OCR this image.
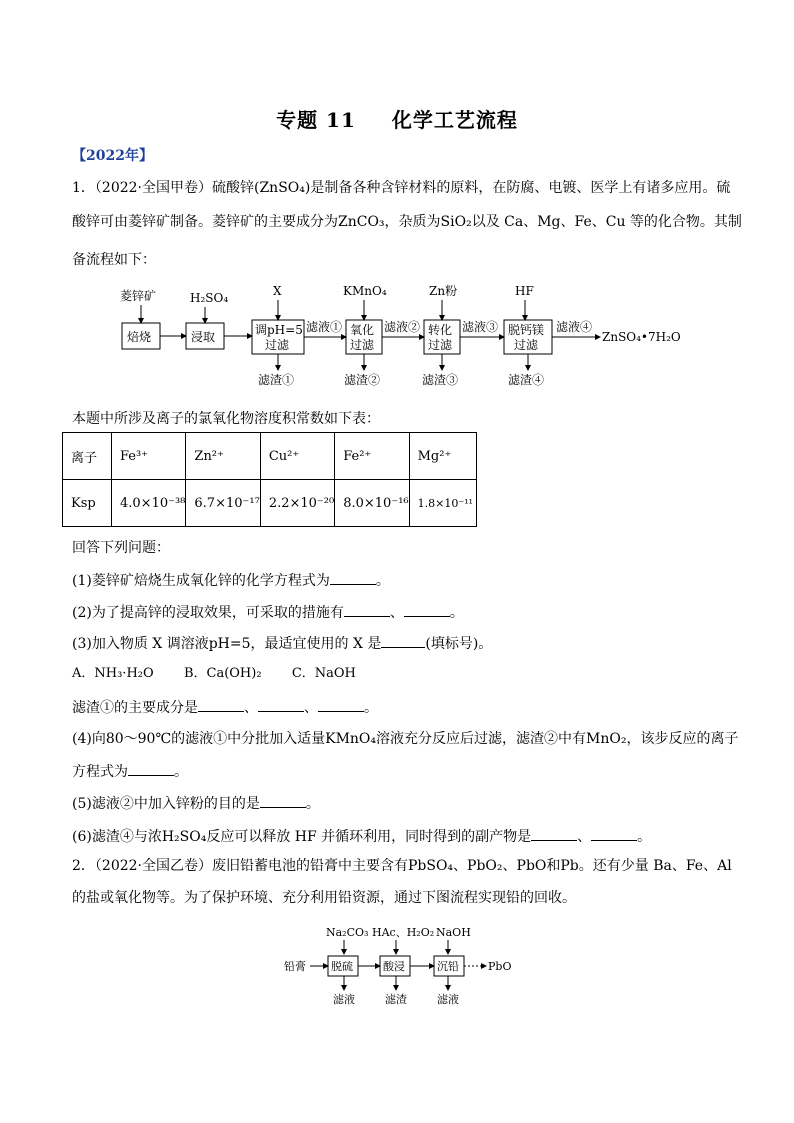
专题 11 化学工艺流程
【2022年】
1．（2022·全国甲卷）硫酸锌(ZnSO₄)是制备各种含锌材料的原料，在防腐、电镀、医学上有诸多应用。硫
酸锌可由菱锌矿制备。菱锌矿的主要成分为ZnCO₃，杂质为SiO₂以及 Ca、Mg、Fe、Cu 等的化合物。其制
备流程如下：
菱锌矿	H₂SO₄	X	KMnO₄	Zn粉	HF
焙烧	浸取	调pH=5
过滤
氧化
过滤
转化
过滤
脱钙镁
过滤
滤液①	滤液②	滤液③	滤液④
ZnSO₄•7H₂O
滤渣①	滤渣②	滤渣③	滤渣④
本题中所涉及离子的氯氧化物溶度积常数如下表：
离子	Fe³⁺	Zn²⁺	Cu²⁺	Fe²⁺	Mg²⁺
Ksp	4.0×10⁻³⁸	6.7×10⁻¹⁷	2.2×10⁻²⁰	8.0×10⁻¹⁶	1.8×10⁻¹¹
回答下列问题：
(1)菱锌矿焙烧生成氧化锌的化学方程式为	。
(2)为了提高锌的浸取效果，可采取的措施有	、	。
(3)加入物质 X 调溶液pH=5，最适宜使用的 X 是	(填标号)。
A．NH₃·H₂O B．Ca(OH)₂ C．NaOH
滤渣①的主要成分是	、	、	。
(4)向80～90℃的滤液①中分批加入适量KMnO₄溶液充分反应后过滤，滤渣②中有MnO₂，该步反应的离子
方程式为	。
(5)滤液②中加入锌粉的目的是	。
(6)滤渣④与浓H₂SO₄反应可以释放 HF 并循环利用，同时得到的副产物是	、	。
2．（2022·全国乙卷）废旧铅蓄电池的铅膏中主要含有PbSO₄、PbO₂、PbO和Pb。还有少量 Ba、Fe、Al
的盐或氧化物等。为了保护环境、充分利用铅资源，通过下图流程实现铅的回收。
Na₂CO₃ HAc、H₂O₂ NaOH
铅膏 脱硫	酸浸	沉铅	PbO
滤液	滤渣	滤液
